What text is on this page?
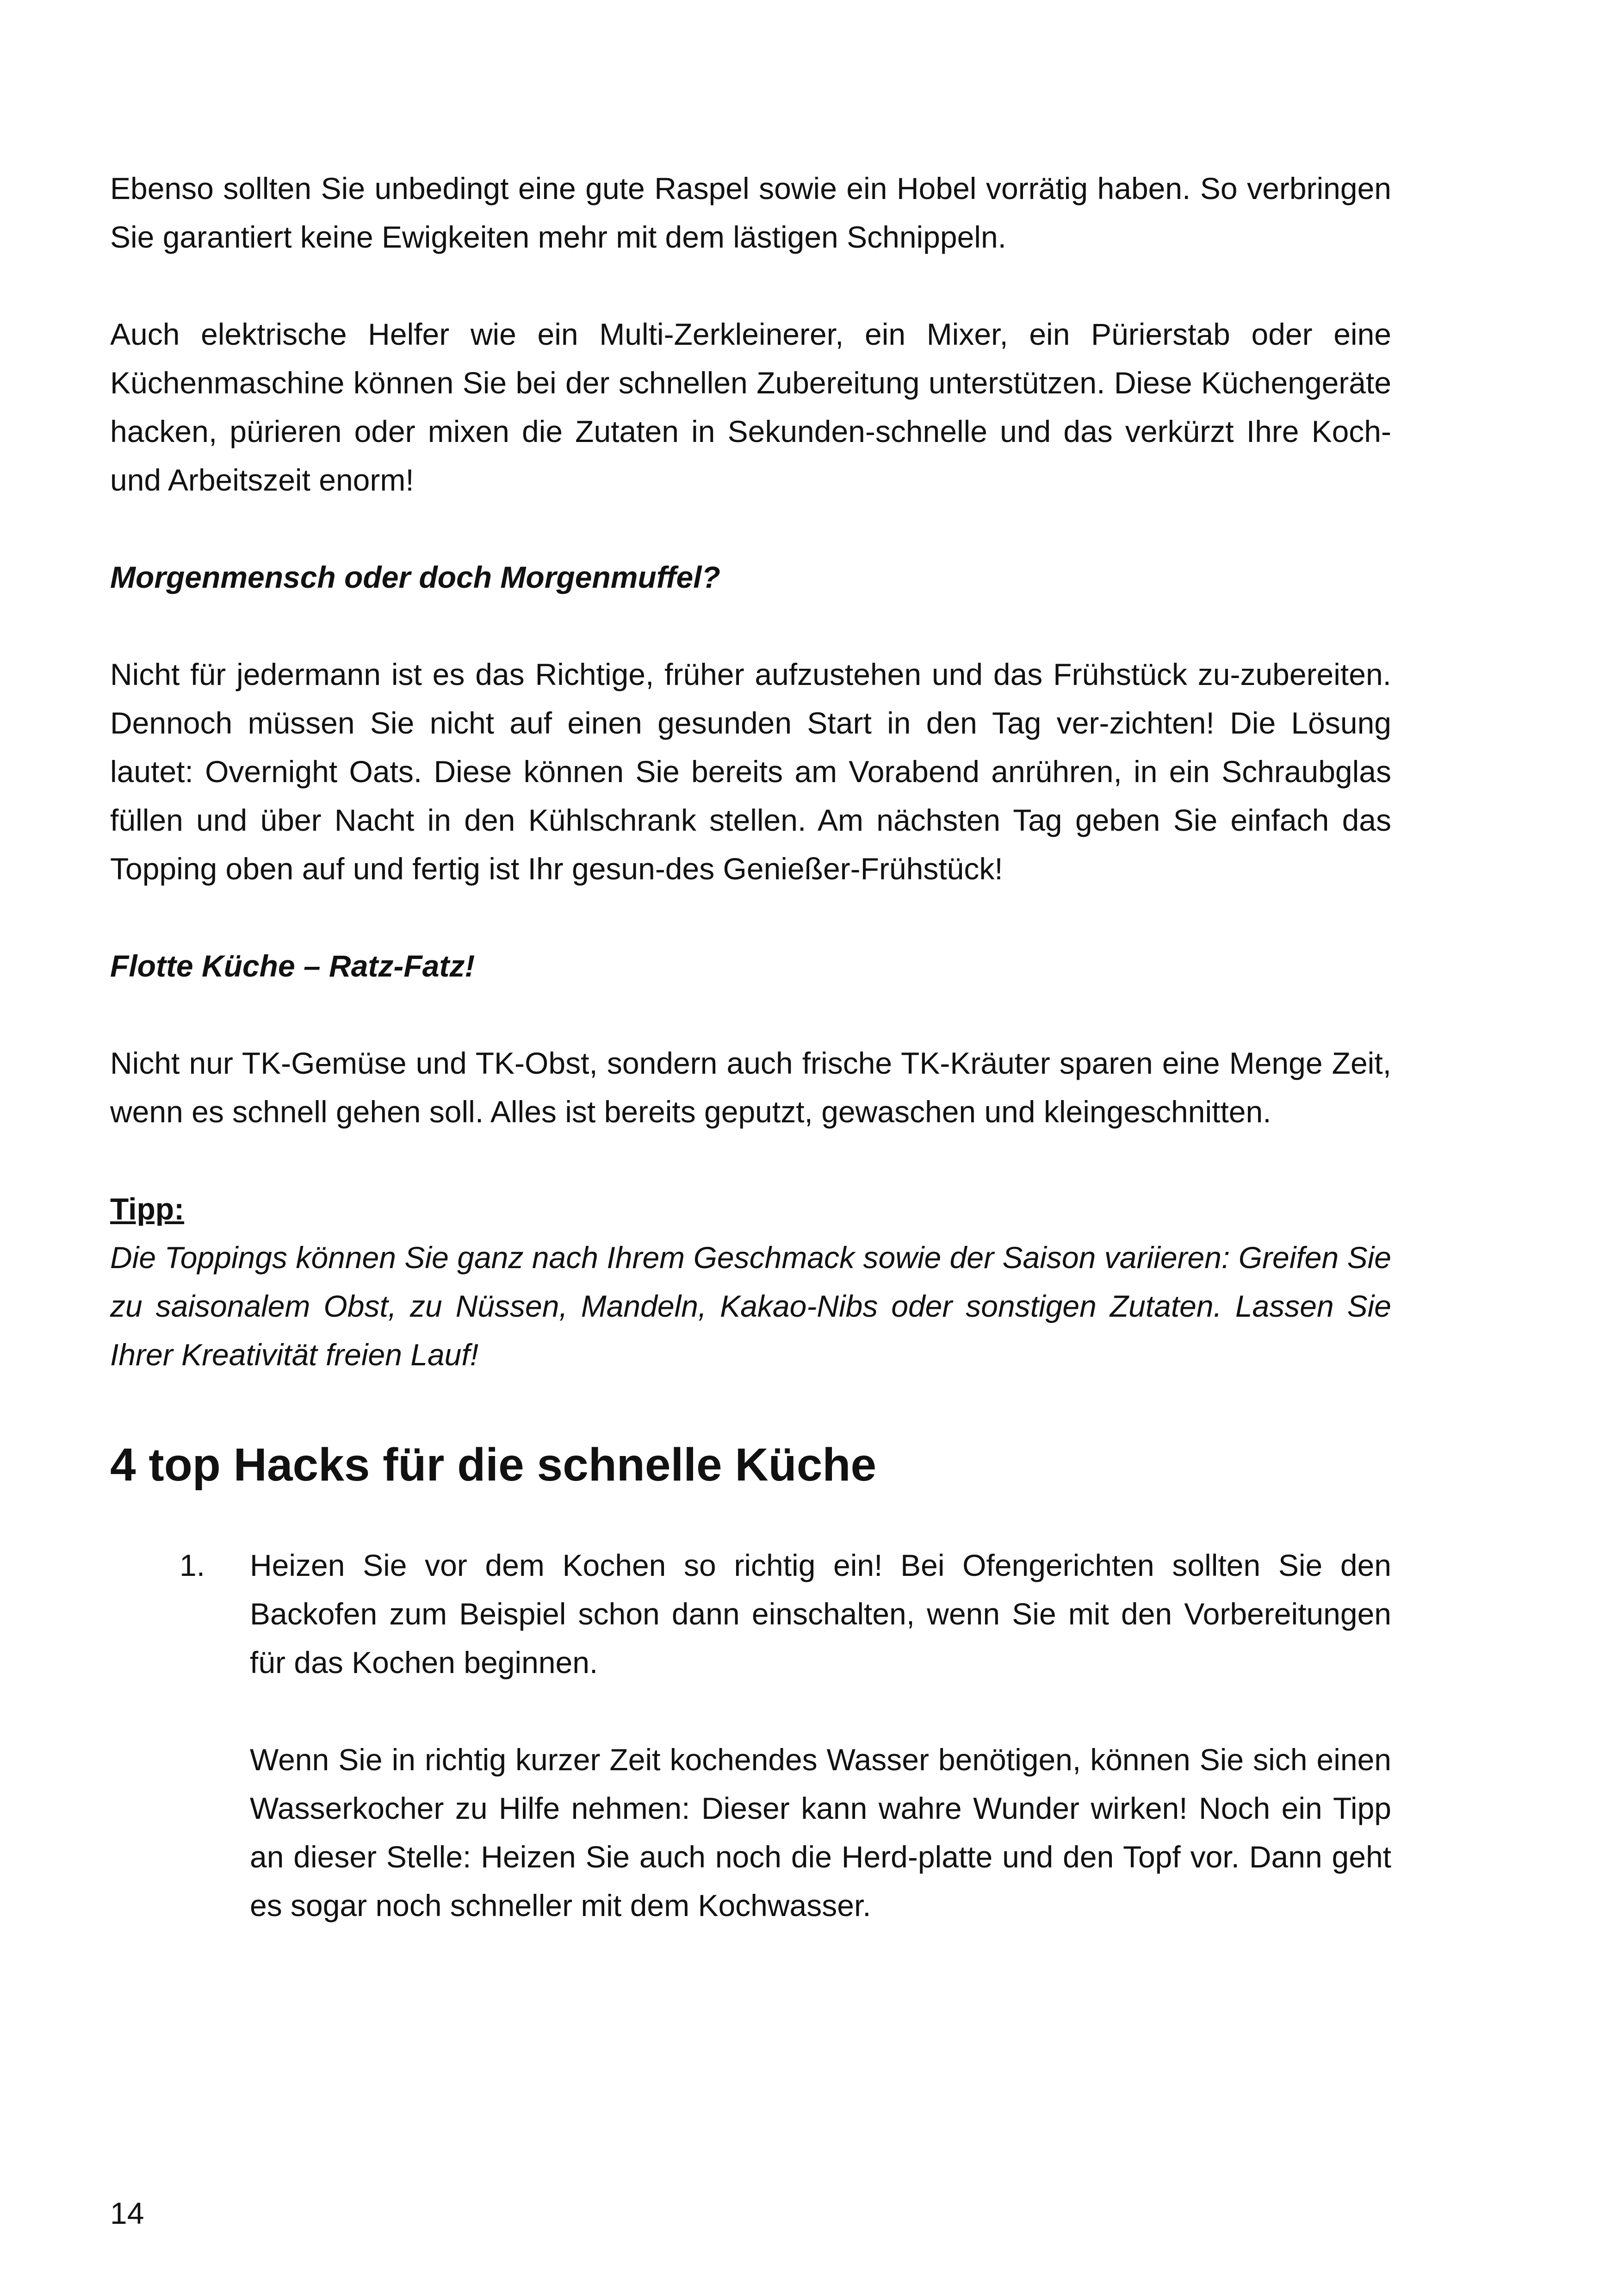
Ebenso sollten Sie unbedingt eine gute Raspel sowie ein Hobel vorrätig haben. So verbringen Sie garantiert keine Ewigkeiten mehr mit dem lästigen Schnippeln.

Auch elektrische Helfer wie ein Multi-Zerkleinerer, ein Mixer, ein Pürierstab oder eine Küchenmaschine können Sie bei der schnellen Zubereitung unterstützen. Diese Küchengeräte hacken, pürieren oder mixen die Zutaten in Sekunden-schnelle und das verkürzt Ihre Koch- und Arbeitszeit enorm!

Morgenmensch oder doch Morgenmuffel?

Nicht für jedermann ist es das Richtige, früher aufzustehen und das Frühstück zu-zubereiten. Dennoch müssen Sie nicht auf einen gesunden Start in den Tag ver-zichten! Die Lösung lautet: Overnight Oats. Diese können Sie bereits am Vorabend anrühren, in ein Schraubglas füllen und über Nacht in den Kühlschrank stellen. Am nächsten Tag geben Sie einfach das Topping oben auf und fertig ist Ihr gesun-des Genießer-Frühstück!

Flotte Küche – Ratz-Fatz!

Nicht nur TK-Gemüse und TK-Obst, sondern auch frische TK-Kräuter sparen eine Menge Zeit, wenn es schnell gehen soll. Alles ist bereits geputzt, gewaschen und kleingeschnitten.

Tipp:

Die Toppings können Sie ganz nach Ihrem Geschmack sowie der Saison variieren: Greifen Sie zu saisonalem Obst, zu Nüssen, Mandeln, Kakao-Nibs oder sonstigen Zutaten. Lassen Sie Ihrer Kreativität freien Lauf!

4 top Hacks für die schnelle Küche
1.	Heizen Sie vor dem Kochen so richtig ein! Bei Ofengerichten sollten Sie den Backofen zum Beispiel schon dann einschalten, wenn Sie mit den Vorbereitungen für das Kochen beginnen.

Wenn Sie in richtig kurzer Zeit kochendes Wasser benötigen, können Sie sich einen Wasserkocher zu Hilfe nehmen: Dieser kann wahre Wunder wirken! Noch ein Tipp an dieser Stelle: Heizen Sie auch noch die Herd-platte und den Topf vor. Dann geht es sogar noch schneller mit dem Kochwasser.

14
